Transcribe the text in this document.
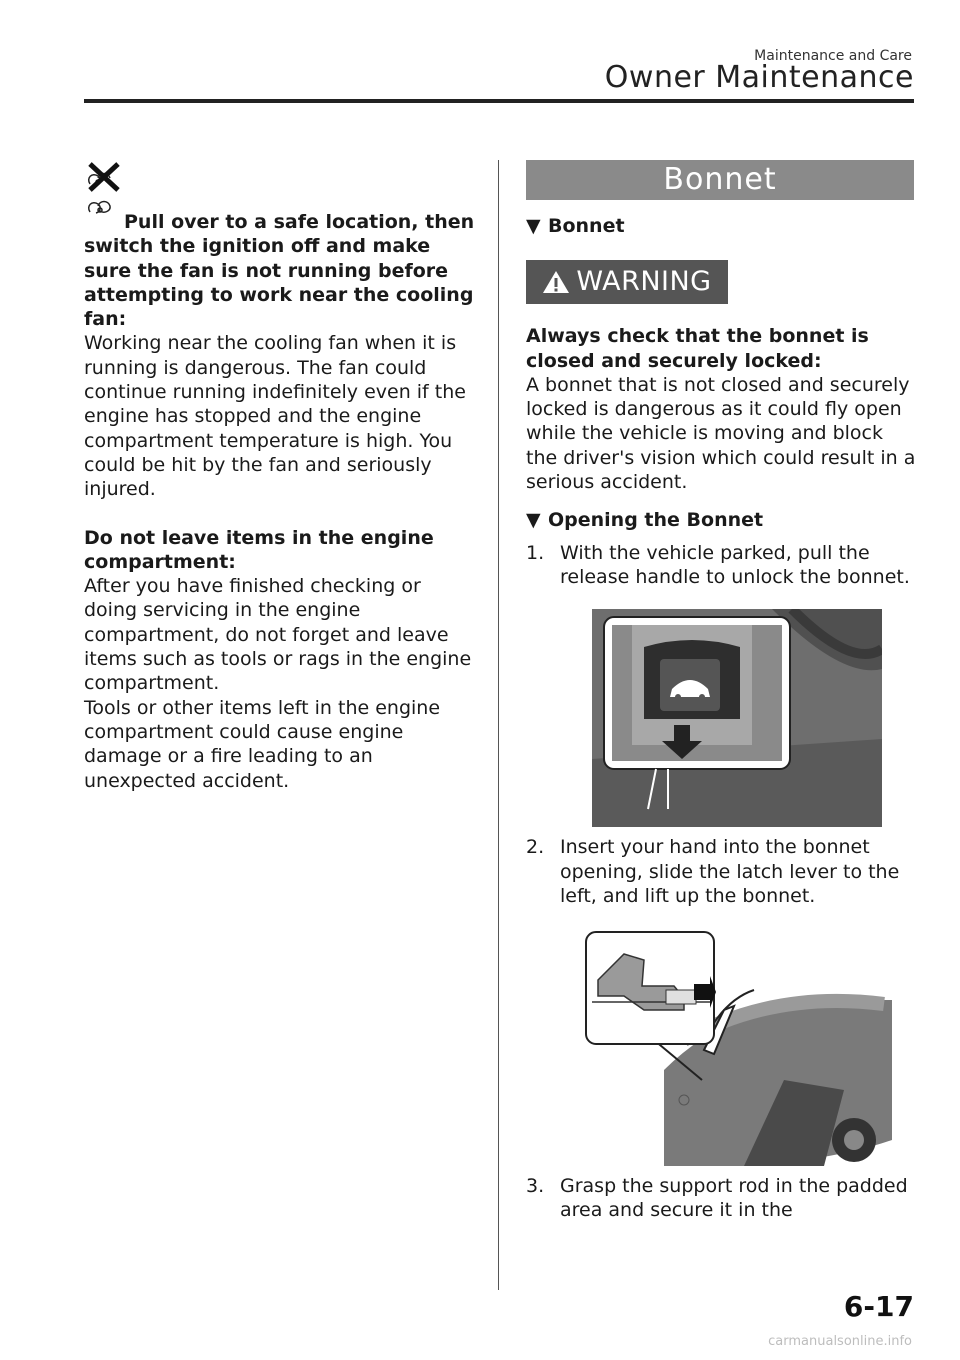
Maintenance and Care
Owner Maintenance
Pull over to a safe location, then switch the ignition off and make sure the fan is not running before attempting to work near the cooling fan:
Working near the cooling fan when it is running is dangerous. The fan could continue running indefinitely even if the engine has stopped and the engine compartment temperature is high. You could be hit by the fan and seriously injured.
Do not leave items in the engine compartment:
After you have finished checking or doing servicing in the engine compartment, do not forget and leave items such as tools or rags in the engine compartment.
Tools or other items left in the engine compartment could cause engine damage or a fire leading to an unexpected accident.
Bonnet
▼ Bonnet
WARNING
Always check that the bonnet is closed and securely locked:
A bonnet that is not closed and securely locked is dangerous as it could fly open while the vehicle is moving and block the driver's vision which could result in a serious accident.
▼ Opening the Bonnet
1. With the vehicle parked, pull the release handle to unlock the bonnet.
2. Insert your hand into the bonnet opening, slide the latch lever to the left, and lift up the bonnet.
3. Grasp the support rod in the padded area and secure it in the
6-17
carmanualsonline.info
